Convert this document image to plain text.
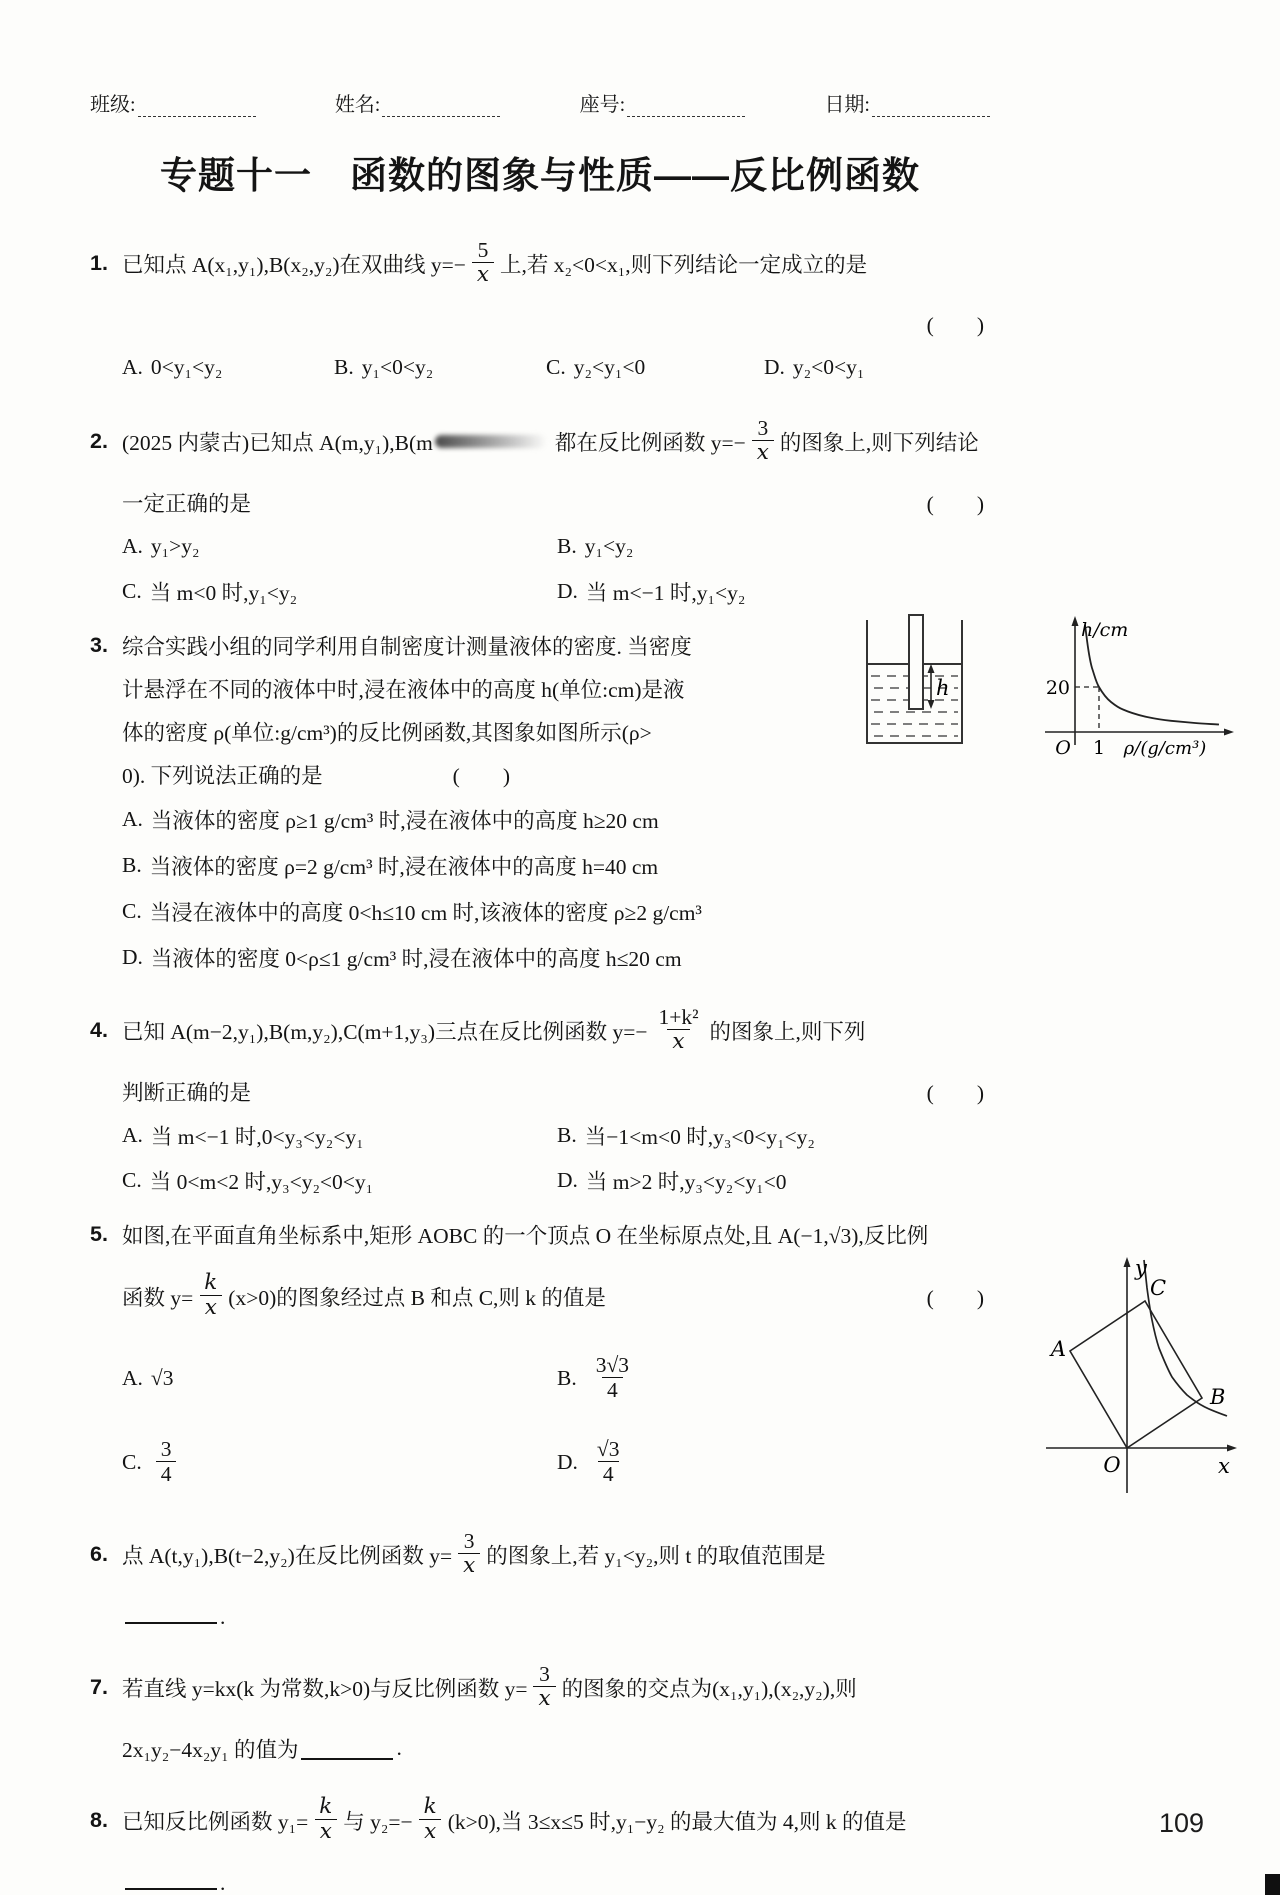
班级:	姓名:	座号:	日期:
专题十一　函数的图象与性质——反比例函数
1. 已知点 A(x₁,y₁),B(x₂,y₂)在双曲线 $y=- \frac{5}{x}$ 上,若 x₂<0<x₁,则下列结论一定成立的是
(　　)
A. 0<y₁<y₂	B. y₁<0<y₂	C. y₂<y₁<0	D. y₂<0<y₁
2. (2025 内蒙古)已知点 A(m,y₁),B(m	都在反比例函数 $y=- \frac{3}{x}$ 的图象上,则下列结论
一定正确的是	(　　)
A. y₁>y₂	B. y₁<y₂
C. 当 m<0 时,y₁<y₂	D. 当 m<−1 时,y₁<y₂
h
h/cm
20
O 1 ρ/(g/cm³)
3. 综合实践小组的同学利用自制密度计测量液体的密度. 当密度
计悬浮在不同的液体中时,浸在液体中的高度 h(单位:cm)是液
体的密度 ρ(单位:g/cm³)的反比例函数,其图象如图所示(ρ>
0). 下列说法正确的是	(　　)
A. 当液体的密度 ρ≥1 g/cm³ 时,浸在液体中的高度 h≥20 cm
B. 当液体的密度 ρ=2 g/cm³ 时,浸在液体中的高度 h=40 cm
C. 当浸在液体中的高度 0<h≤10 cm 时,该液体的密度 ρ≥2 g/cm³
D. 当液体的密度 0<ρ≤1 g/cm³ 时,浸在液体中的高度 h≤20 cm
4. 已知 A(m−2,y₁),B(m,y₂),C(m+1,y₃)三点在反比例函数 $y=- \frac{\text{1+k²}}{x}$ 的图象上,则下列
判断正确的是	(　　)
A. 当 m<−1 时,0<y₃<y₂<y₁	B. 当−1<m<0 时,y₃<0<y₁<y₂
C. 当 0<m<2 时,y₃<y₂<0<y₁	D. 当 m>2 时,y₃<y₂<y₁<0
y
x
O
A
B
C
5. 如图,在平面直角坐标系中,矩形 AOBC 的一个顶点 O 在坐标原点处,且 A(−1,√3),反比例
函数 $y= \frac{k}{x} (x>0)$的图象经过点 B 和点 C,则 k 的值是	(　　)
A. √3	B. $\frac{3√3}{4}$
C. $\frac{3}{4}$	D. $\frac{√3}{4}$
6. 点 A(t,y₁),B(t−2,y₂)在反比例函数 $y= \frac{3}{x}$ 的图象上,若 y₁<y₂,则 t 的取值范围是
.
7. 若直线 y=kx(k 为常数,k>0)与反比例函数 $y= \frac{3}{x}$ 的图象的交点为(x₁,y₁),(x₂,y₂),则
2x₁y₂−4x₂y₁ 的值为	.
8. 已知反比例函数 $y_1= \frac{k}{x}$ 与 $y_2=- \frac{k}{x} (k>0)$,当 3≤x≤5 时,y₁−y₂ 的最大值为 4,则 k 的值是
.
109
